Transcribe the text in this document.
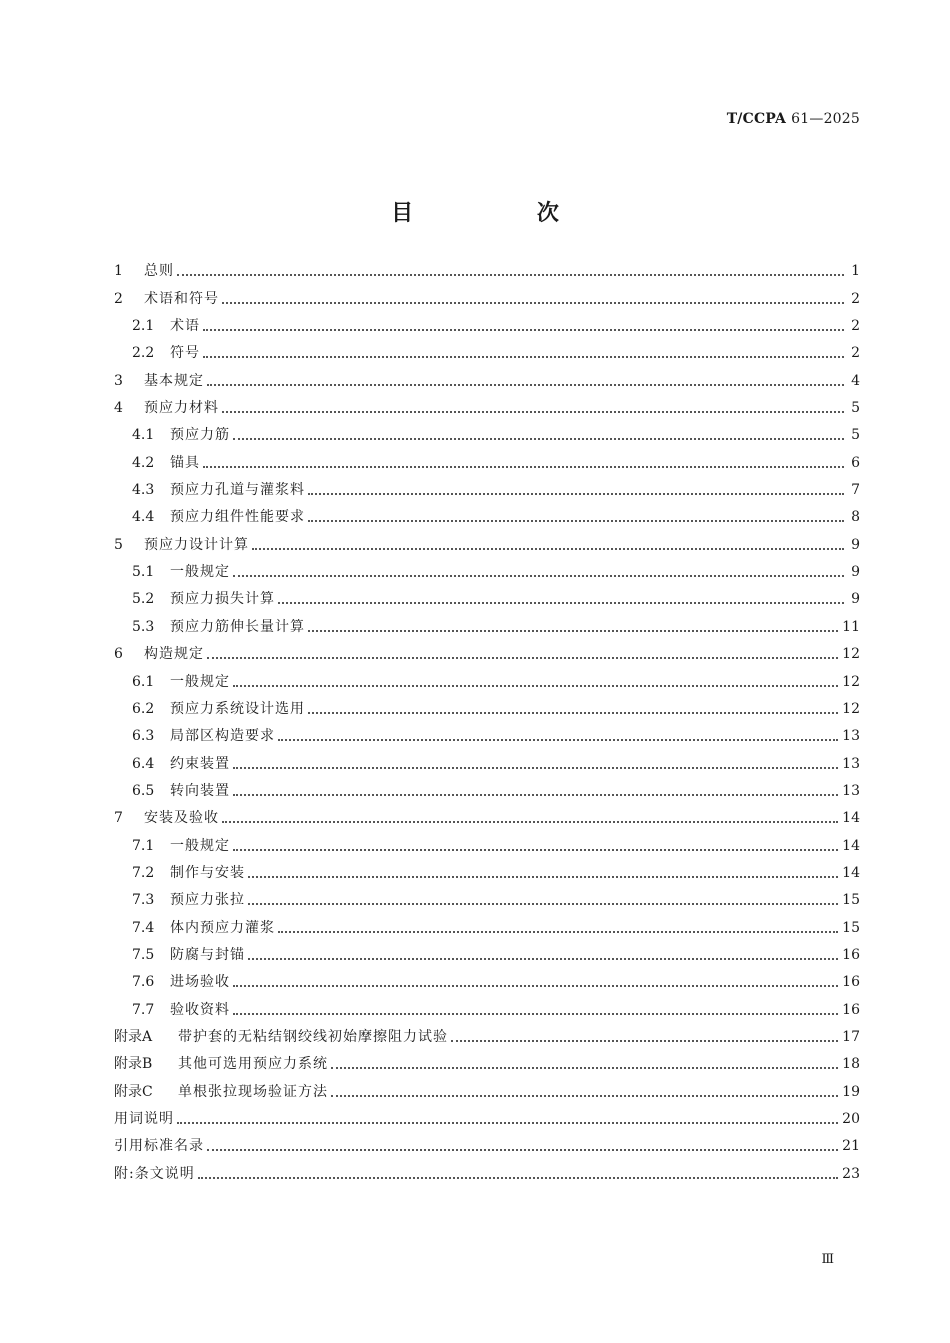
T/CCPA 61—2025
目 次
1	总则	1
2	术语和符号	2
2.1	术语	2
2.2	符号	2
3	基本规定	4
4	预应力材料	5
4.1	预应力筋	5
4.2	锚具	6
4.3	预应力孔道与灌浆料	7
4.4	预应力组件性能要求	8
5	预应力设计计算	9
5.1	一般规定	9
5.2	预应力损失计算	9
5.3	预应力筋伸长量计算	11
6	构造规定	12
6.1	一般规定	12
6.2	预应力系统设计选用	12
6.3	局部区构造要求	13
6.4	约束装置	13
6.5	转向装置	13
7	安装及验收	14
7.1	一般规定	14
7.2	制作与安装	14
7.3	预应力张拉	15
7.4	体内预应力灌浆	15
7.5	防腐与封锚	16
7.6	进场验收	16
7.7	验收资料	16
附录A	带护套的无粘结钢绞线初始摩擦阻力试验	17
附录B	其他可选用预应力系统	18
附录C	单根张拉现场验证方法	19
用词说明	20
引用标准名录	21
附:条文说明	23
Ⅲ
